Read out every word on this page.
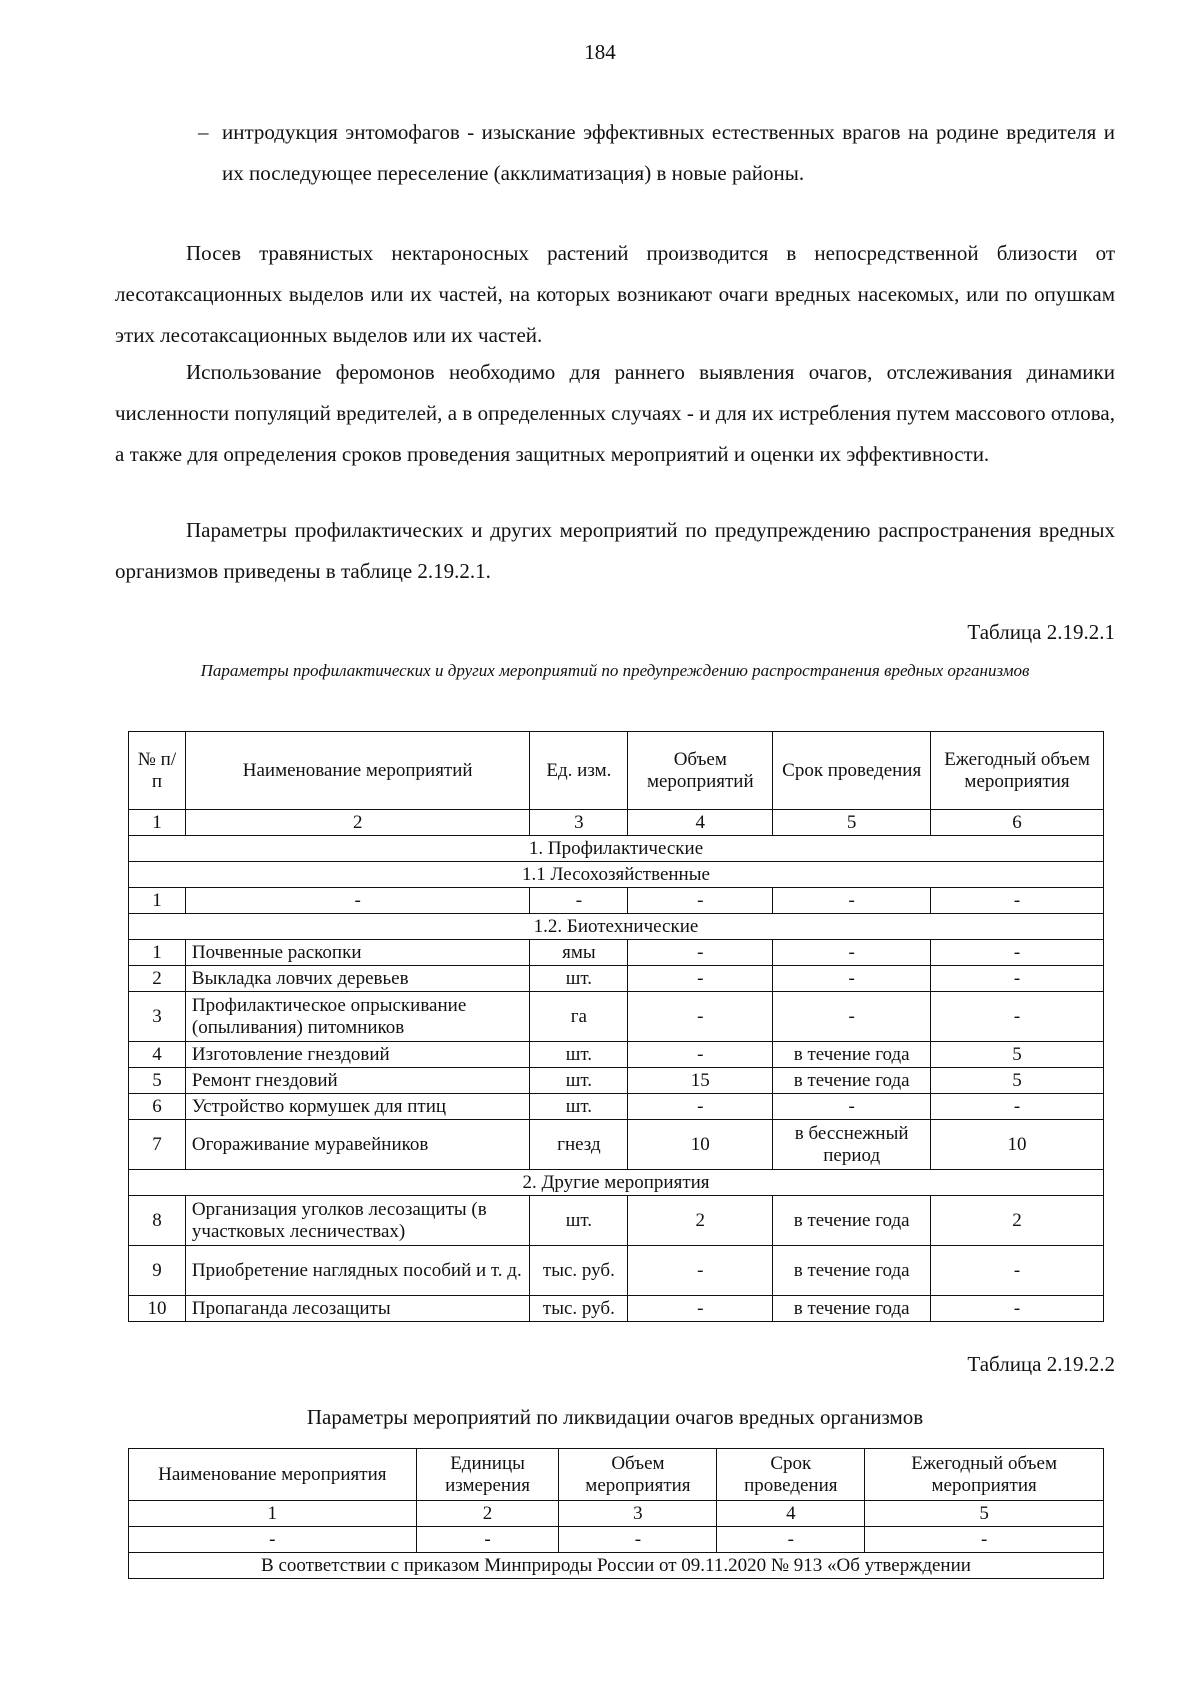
184
– интродукция энтомофагов - изыскание эффективных естественных врагов на родине вредителя и их последующее переселение (акклиматизация) в новые районы.

Посев травянистых нектароносных растений производится в непосредственной близости от лесотаксационных выделов или их частей, на которых возникают очаги вредных насекомых, или по опушкам этих лесотаксационных выделов или их частей.

Использование феромонов необходимо для раннего выявления очагов, отслеживания динамики численности популяций вредителей, а в определенных случаях - и для их истребления путем массового отлова, а также для определения сроков проведения защитных мероприятий и оценки их эффективности.

Параметры профилактических и других мероприятий по предупреждению распространения вредных организмов приведены в таблице 2.19.2.1.

Таблица 2.19.2.1
Параметры профилактических и других мероприятий по предупреждению распространения вредных организмов
№ п/п	Наименование мероприятий	Ед. изм.	Объем мероприятий	Срок проведения	Ежегодный объем мероприятия
1	2	3	4	5	6
1. Профилактические					
1.1 Лесохозяйственные					
1	-	-	-	-	-
1.2. Биотехнические					
1	Почвенные раскопки	ямы	-	-	-
2	Выкладка ловчих деревьев	шт.	-	-	-
3	Профилактическое опрыскивание (опыливания) питомников	га	-	-	-
4	Изготовление гнездовий	шт.	-	в течение года	5
5	Ремонт гнездовий	шт.	15	в течение года	5
6	Устройство кормушек для птиц	шт.	-	-	-
7	Огораживание муравейников	гнезд	10	в бесснежный период	10
2. Другие мероприятия					
8	Организация уголков лесозащиты (в участковых лесничествах)	шт.	2	в течение года	2
9	Приобретение наглядных пособий и т. д.	тыс. руб.	-	в течение года	-
10	Пропаганда лесозащиты	тыс. руб.	-	в течение года	-
Таблица 2.19.2.2
Параметры мероприятий по ликвидации очагов вредных организмов
Наименование мероприятия	Единицы измерения	Объем мероприятия	Срок проведения	Ежегодный объем мероприятия
1	2	3	4	5
-	-	-	-	-
В соответствии с приказом Минприроды России от 09.11.2020 № 913 «Об утверждении				
